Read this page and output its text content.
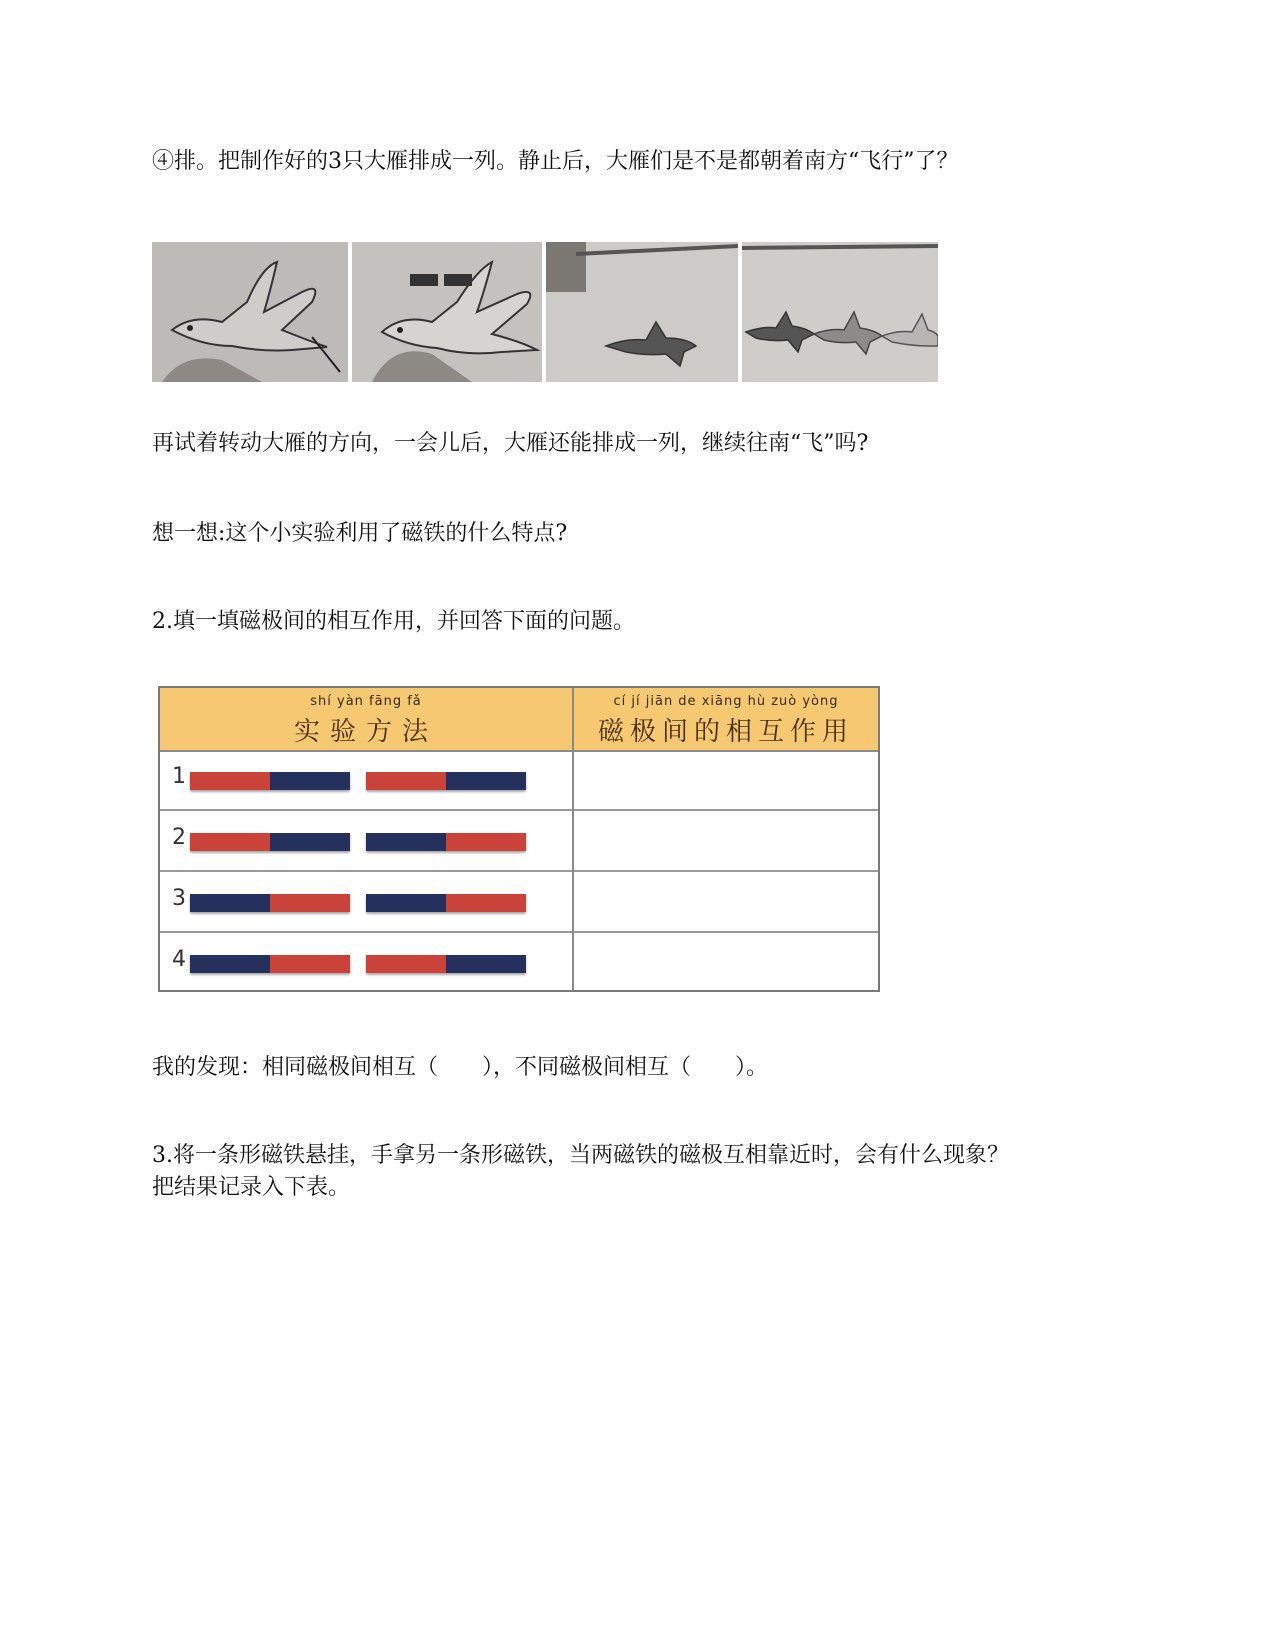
④排。把制作好的3只大雁排成一列。静止后，大雁们是不是都朝着南方“飞行”了？

再试着转动大雁的方向，一会儿后，大雁还能排成一列，继续往南“飞”吗?

想一想:这个小实验利用了磁铁的什么特点?

2.填一填磁极间的相互作用，并回答下面的问题。

shí yàn fāng fǎ
实验方法
cí jí jiān de xiāng hù zuò yòng
磁极间的相互作用
1
2
3
4

我的发现：相同磁极间相互（　　），不同磁极间相互（　　）。

3.将一条形磁铁悬挂，手拿另一条形磁铁，当两磁铁的磁极互相靠近时，会有什么现象？

把结果记录入下表。
